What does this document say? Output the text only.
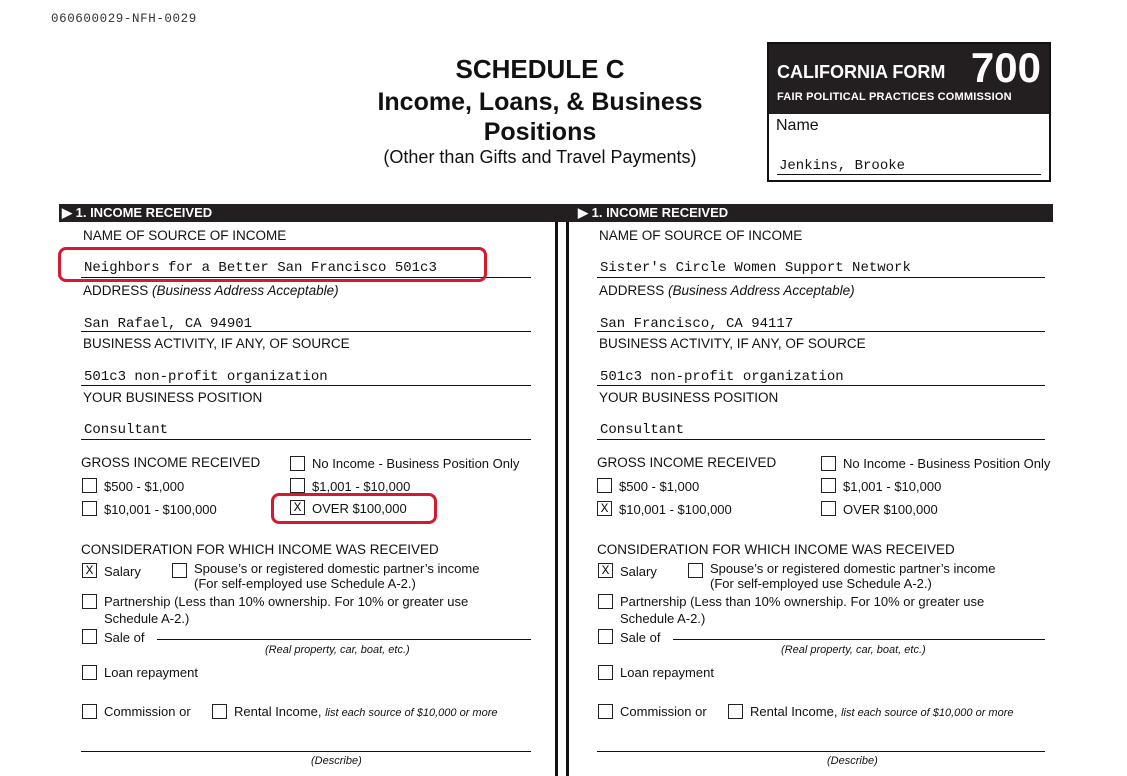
060600029-NFH-0029
SCHEDULE C
Income, Loans, & Business
Positions
(Other than Gifts and Travel Payments)
CALIFORNIA FORM 700
FAIR POLITICAL PRACTICES COMMISSION
Name
Jenkins, Brooke
▶ 1. INCOME RECEIVED	▶ 1. INCOME RECEIVED
NAME OF SOURCE OF INCOME
Neighbors for a Better San Francisco 501c3
ADDRESS (Business Address Acceptable)
San Rafael, CA 94901
BUSINESS ACTIVITY, IF ANY, OF SOURCE
501c3 non-profit organization
YOUR BUSINESS POSITION
Consultant
GROSS INCOME RECEIVED	No Income - Business Position Only
$500 - $1,000	$1,001 - $10,000
$10,001 - $100,000	X OVER $100,000
CONSIDERATION FOR WHICH INCOME WAS RECEIVED
X Salary	Spouse’s or registered domestic partner’s income
(For self-employed use Schedule A-2.)
Partnership (Less than 10% ownership. For 10% or greater use
Schedule A-2.)
Sale of
(Real property, car, boat, etc.)
Loan repayment
Commission or	Rental Income, list each source of $10,000 or more
(Describe)
NAME OF SOURCE OF INCOME
Sister's Circle Women Support Network
ADDRESS (Business Address Acceptable)
San Francisco, CA 94117
BUSINESS ACTIVITY, IF ANY, OF SOURCE
501c3 non-profit organization
YOUR BUSINESS POSITION
Consultant
GROSS INCOME RECEIVED	No Income - Business Position Only
$500 - $1,000	$1,001 - $10,000
X $10,001 - $100,000	OVER $100,000
CONSIDERATION FOR WHICH INCOME WAS RECEIVED
X Salary	Spouse’s or registered domestic partner’s income
(For self-employed use Schedule A-2.)
Partnership (Less than 10% ownership. For 10% or greater use
Schedule A-2.)
Sale of
(Real property, car, boat, etc.)
Loan repayment
Commission or	Rental Income, list each source of $10,000 or more
(Describe)
